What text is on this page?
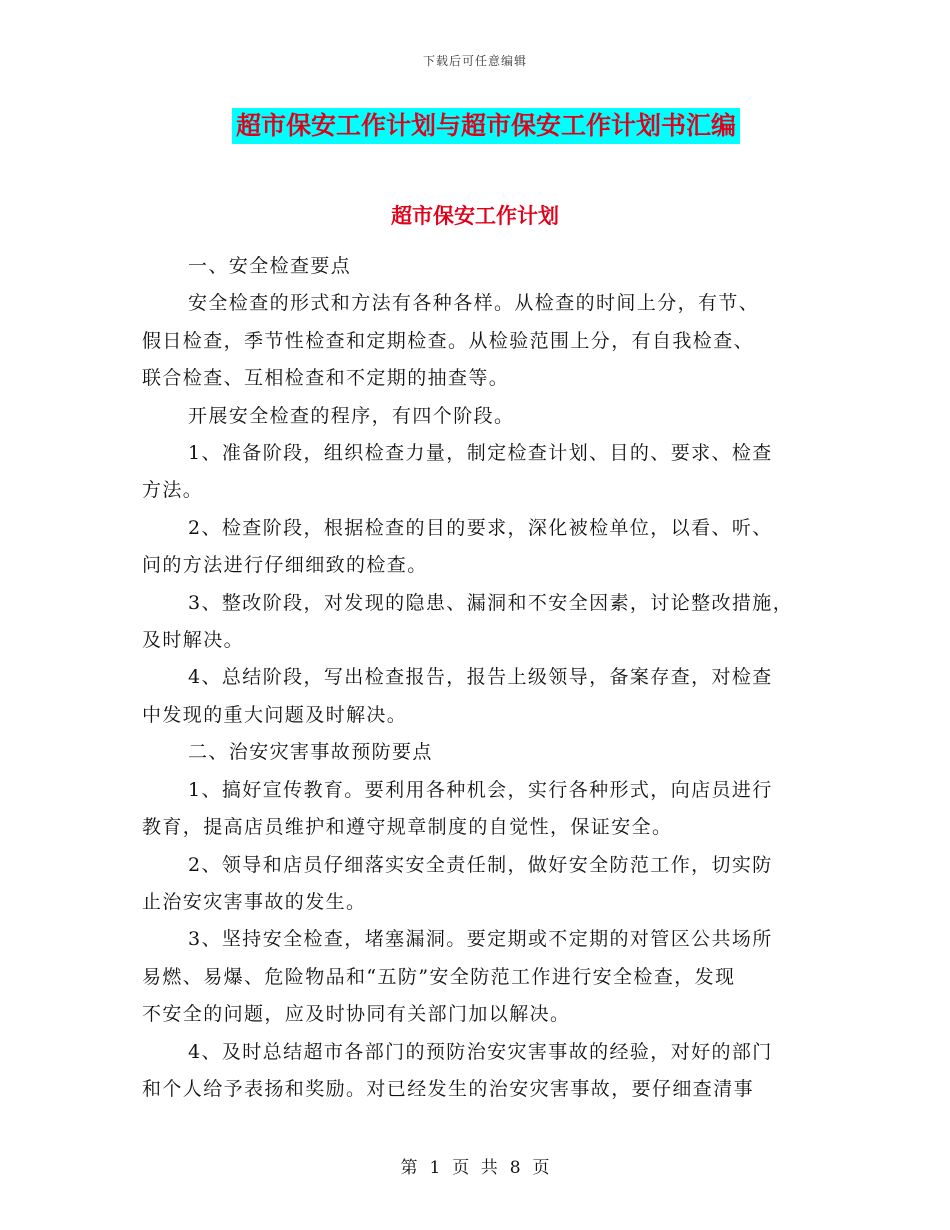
下载后可任意编辑
超市保安工作计划与超市保安工作计划书汇编
超市保安工作计划

一、安全检查要点

安全检查的形式和方法有各种各样。从检查的时间上分，有节、
假日检查，季节性检查和定期检查。从检验范围上分，有自我检查、
联合检查、互相检查和不定期的抽查等。

开展安全检查的程序，有四个阶段。

1、准备阶段，组织检查力量，制定检查计划、目的、要求、检查
方法。

2、检查阶段，根据检查的目的要求，深化被检单位，以看、听、
问的方法进行仔细细致的检查。

3、整改阶段，对发现的隐患、漏洞和不安全因素，讨论整改措施，
及时解决。

4、总结阶段，写出检查报告，报告上级领导，备案存查，对检查
中发现的重大问题及时解决。

二、治安灾害事故预防要点

1、搞好宣传教育。要利用各种机会，实行各种形式，向店员进行
教育，提高店员维护和遵守规章制度的自觉性，保证安全。

2、领导和店员仔细落实安全责任制，做好安全防范工作，切实防
止治安灾害事故的发生。

3、坚持安全检查，堵塞漏洞。要定期或不定期的对管区公共场所
易燃、易爆、危险物品和“五防”安全防范工作进行安全检查，发现
不安全的问题，应及时协同有关部门加以解决。

4、及时总结超市各部门的预防治安灾害事故的经验，对好的部门
和个人给予表扬和奖励。对已经发生的治安灾害事故，要仔细查清事

第 1 页 共 8 页
